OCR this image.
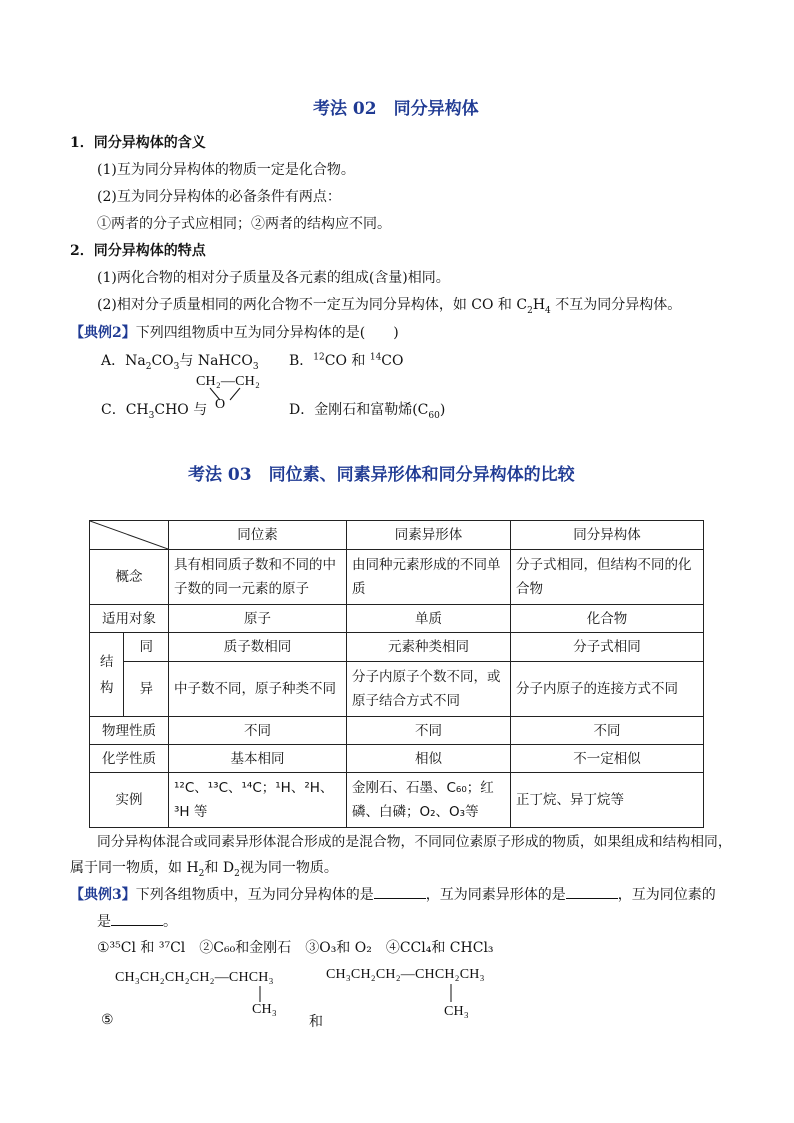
考法 02　同分异构体
1．同分异构体的含义
(1)互为同分异构体的物质一定是化合物。
(2)互为同分异构体的必备条件有两点：
①两者的分子式应相同；②两者的结构应不同。
2．同分异构体的特点
(1)两化合物的相对分子质量及各元素的组成(含量)相同。
(2)相对分子质量相同的两化合物不一定互为同分异构体，如 CO 和 $C_2H_4$ 不互为同分异构体。
【典例2】下列四组物质中互为同分异构体的是(　　)
A．$Na_2CO_3$与 NaHCO$_3$ B．$^{12}$CO 和 $^{14}$CO
C．$CH_3CHO$ 与
CH₂—CH₂
O	D．金刚石和富勒烯$(C_{60})$
考法 03　同位素、同素异形体和同分异构体的比较
	同位素	同素异形体	同分异构体
概念		具有相同质子数和不同的中子数的同一元素的原子	由同种元素形成的不同单质	分子式相同，但结构不同的化合物
适用对象		原子	单质	化合物
结构	同	质子数相同	元素种类相同	分子式相同
	异	中子数不同，原子种类不同	分子内原子个数不同，或原子结合方式不同	分子内原子的连接方式不同
物理性质		不同	不同	不同
化学性质		基本相同	相似	不一定相似
实例		¹²C、¹³C、¹⁴C；¹H、²H、³H 等	金刚石、石墨、C₆₀；红磷、白磷；O₂、O₃等	正丁烷、异丁烷等
同分异构体混合或同素异形体混合形成的是混合物，不同同位素原子形成的物质，如果组成和结构相同，
属于同一物质，如 $H_2$和 $D_2$视为同一物质。
【典例3】下列各组物质中，互为同分异构体的是	，互为同素异形体的是	，互为同位素的
是	。
①³⁵Cl 和 ³⁷Cl　②C₆₀和金刚石　③O₃和 O₂　④CCl₄和 CHCl₃
CH₃CH₂CH₂CH₂—CHCH₃
CH₃
CH₃CH₂CH₂—CHCH₂CH₃
CH₃
⑤	和
